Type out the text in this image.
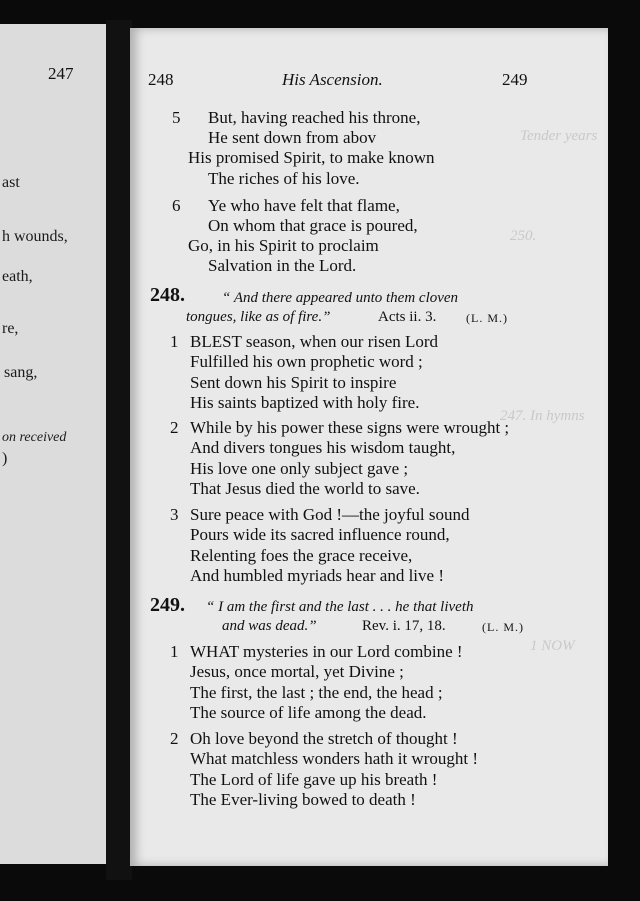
247
ast
h wounds,
eath,
re,
sang,
on received
)
Tender years
250.
247. In hymns
1 NOW
248	His Ascension.	249
5 But, having reached his throne,
He sent down from abov
His promised Spirit, to make known
The riches of his love.
6 Ye who have felt that flame,
On whom that grace is poured,
Go, in his Spirit to proclaim
Salvation in the Lord.
248. “ And there appeared unto them cloven
tongues, like as of fire.”	Acts ii. 3. (L. M.)
1 BLEST season, when our risen Lord
Fulfilled his own prophetic word ;
Sent down his Spirit to inspire
His saints baptized with holy fire.
2 While by his power these signs were wrought ;
And divers tongues his wisdom taught,
His love one only subject gave ;
That Jesus died the world to save.
3 Sure peace with God !—the joyful sound
Pours wide its sacred influence round,
Relenting foes the grace receive,
And humbled myriads hear and live !
249. “ I am the first and the last . . . he that liveth
and was dead.”	Rev. i. 17, 18.	(L. M.)
1 WHAT mysteries in our Lord combine !
Jesus, once mortal, yet Divine ;
The first, the last ; the end, the head ;
The source of life among the dead.
2 Oh love beyond the stretch of thought !
What matchless wonders hath it wrought !
The Lord of life gave up his breath !
The Ever-living bowed to death !
